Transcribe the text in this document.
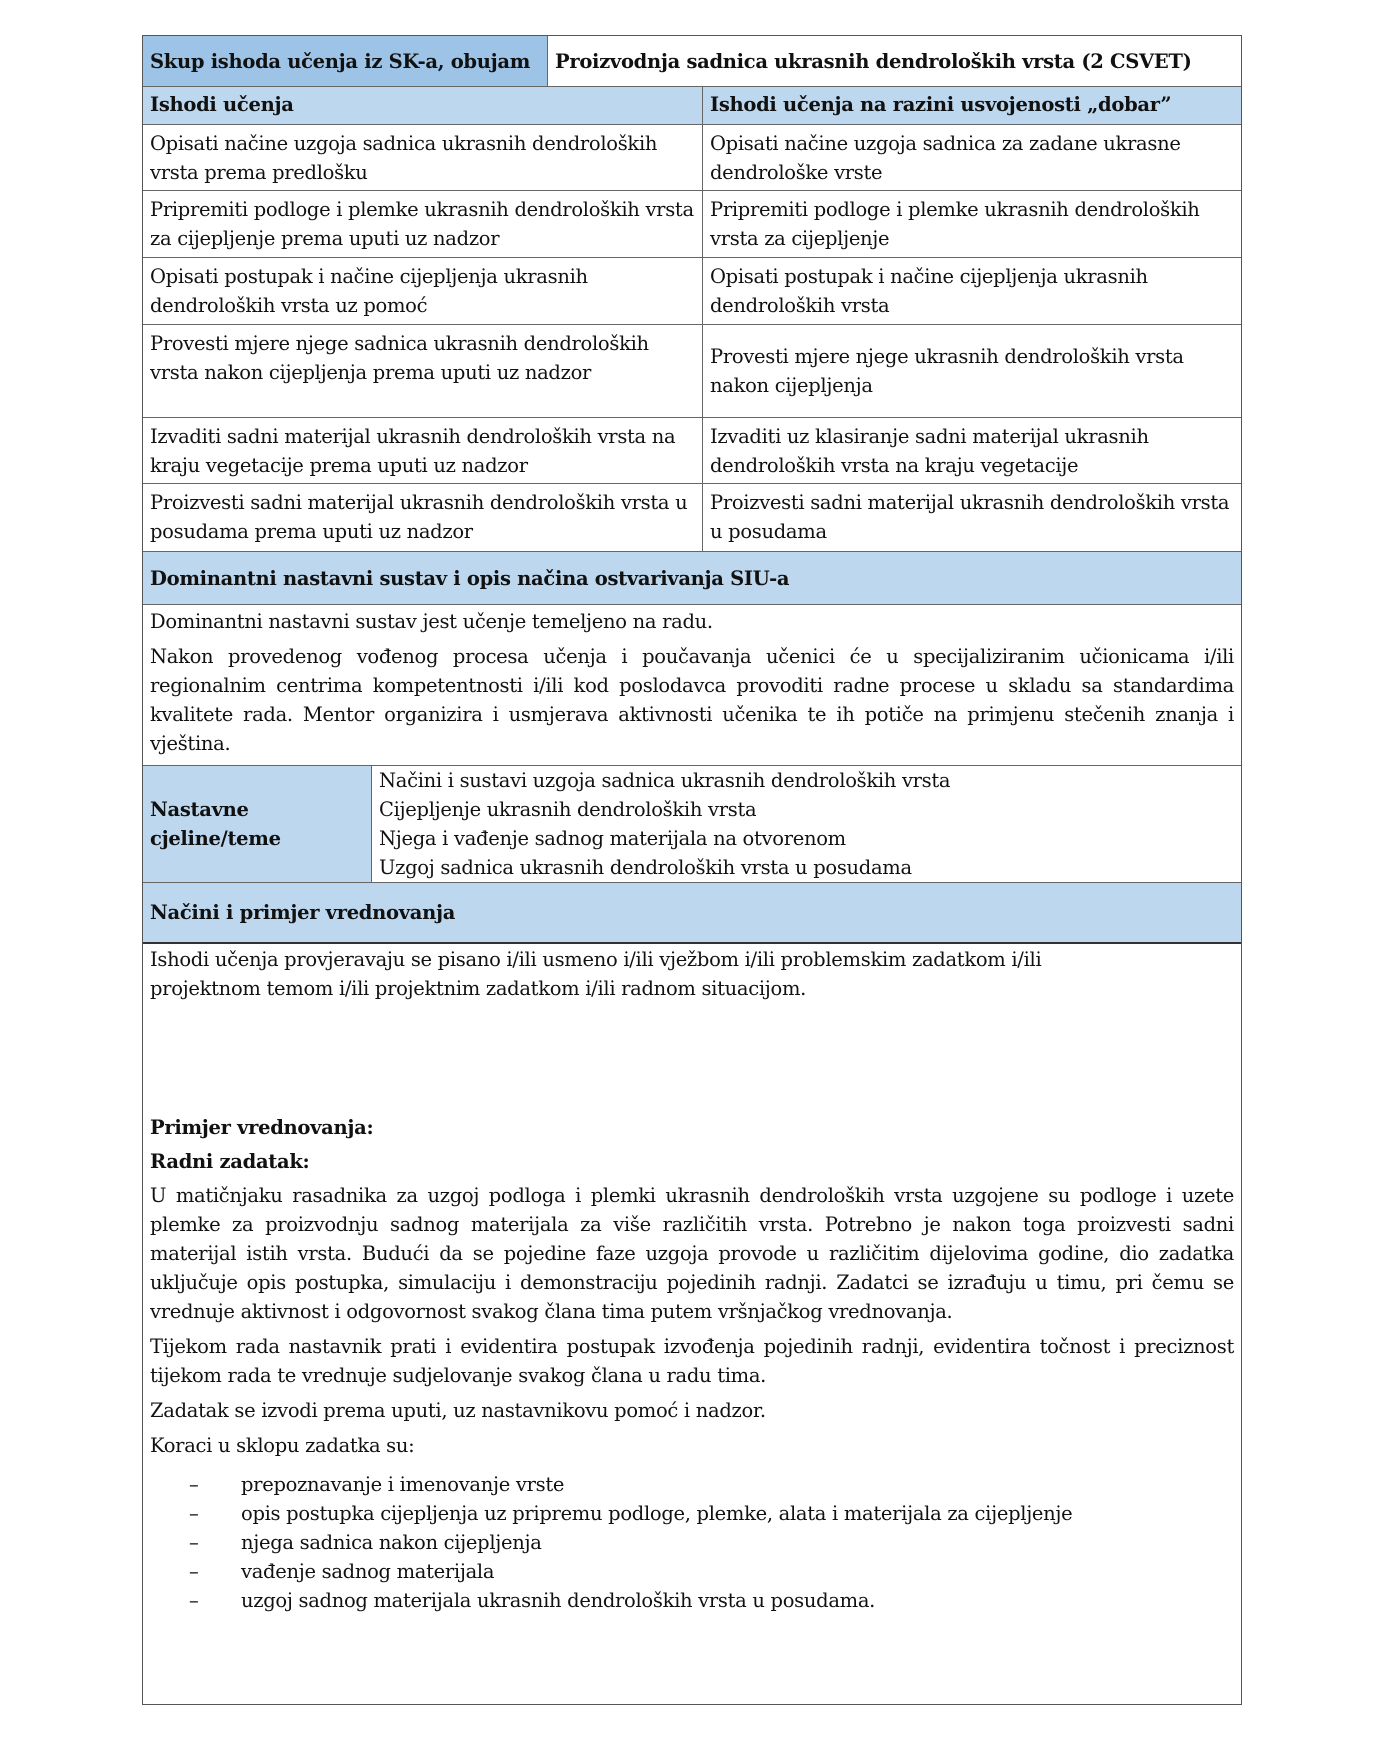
Skup ishoda učenja iz SK-a, obujam Proizvodnja sadnica ukrasnih dendroloških vrsta (2 CSVET)
Ishodi učenja	Ishodi učenja na razini usvojenosti „dobar”
Opisati načine uzgoja sadnica ukrasnih dendroloških vrsta prema predlošku
Opisati načine uzgoja sadnica za zadane ukrasne dendrološke vrste
Pripremiti podloge i plemke ukrasnih dendroloških vrsta za cijepljenje prema uputi uz nadzor
Pripremiti podloge i plemke ukrasnih dendroloških vrsta za cijepljenje
Opisati postupak i načine cijepljenja ukrasnih dendroloških vrsta uz pomoć
Opisati postupak i načine cijepljenja ukrasnih dendroloških vrsta
Provesti mjere njege sadnica ukrasnih dendroloških vrsta nakon cijepljenja prema uputi uz nadzor
Provesti mjere njege ukrasnih dendroloških vrsta nakon cijepljenja
Izvaditi sadni materijal ukrasnih dendroloških vrsta na kraju vegetacije prema uputi uz nadzor
Izvaditi uz klasiranje sadni materijal ukrasnih dendroloških vrsta na kraju vegetacije
Proizvesti sadni materijal ukrasnih dendroloških vrsta u posudama prema uputi uz nadzor
Proizvesti sadni materijal ukrasnih dendroloških vrsta u posudama
Dominantni nastavni sustav i opis načina ostvarivanja SIU-a

Dominantni nastavni sustav jest učenje temeljeno na radu.

Nakon provedenog vođenog procesa učenja i poučavanja učenici će u specijaliziranim učionicama i/ili regionalnim centrima kompetentnosti i/ili kod poslodavca provoditi radne procese u skladu sa standardima kvalitete rada. Mentor organizira i usmjerava aktivnosti učenika te ih potiče na primjenu stečenih znanja i vještina.

Nastavne cjeline/teme
Načini i sustavi uzgoja sadnica ukrasnih dendroloških vrsta
Cijepljenje ukrasnih dendroloških vrsta
Njega i vađenje sadnog materijala na otvorenom
Uzgoj sadnica ukrasnih dendroloških vrsta u posudama
Načini i primjer vrednovanja

Ishodi učenja provjeravaju se pisano i/ili usmeno i/ili vježbom i/ili problemskim zadatkom i/ili projektnom temom i/ili projektnim zadatkom i/ili radnom situacijom.

Primjer vrednovanja:

Radni zadatak:

U matičnjaku rasadnika za uzgoj podloga i plemki ukrasnih dendroloških vrsta uzgojene su podloge i uzete plemke za proizvodnju sadnog materijala za više različitih vrsta. Potrebno je nakon toga proizvesti sadni materijal istih vrsta. Budući da se pojedine faze uzgoja provode u različitim dijelovima godine, dio zadatka uključuje opis postupka, simulaciju i demonstraciju pojedinih radnji. Zadatci se izrađuju u timu, pri čemu se vrednuje aktivnost i odgovornost svakog člana tima putem vršnjačkog vrednovanja.

Tijekom rada nastavnik prati i evidentira postupak izvođenja pojedinih radnji, evidentira točnost i preciznost tijekom rada te vrednuje sudjelovanje svakog člana u radu tima.

Zadatak se izvodi prema uputi, uz nastavnikovu pomoć i nadzor.

Koraci u sklopu zadatka su:

– prepoznavanje i imenovanje vrste
– opis postupka cijepljenja uz pripremu podloge, plemke, alata i materijala za cijepljenje
– njega sadnica nakon cijepljenja
– vađenje sadnog materijala
– uzgoj sadnog materijala ukrasnih dendroloških vrsta u posudama.
